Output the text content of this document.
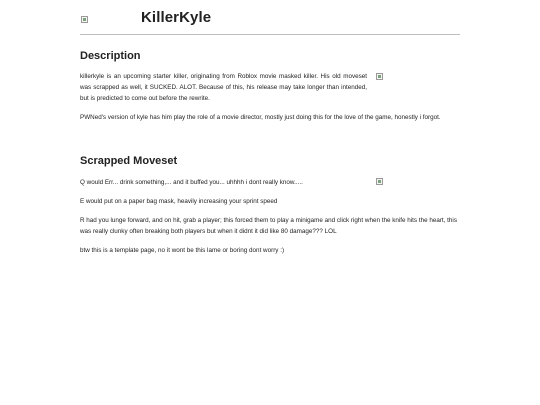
KillerKyle
Description

killerkyle is an upcoming starter killer, originating from Roblox movie masked killer. His old moveset was scrapped as well, it SUCKED. ALOT. Because of this, his release may take longer than intended, but is predicted to come out before the rewrite.

PWNed's version of kyle has him play the role of a movie director, mostly just doing this for the love of the game, honestly i forgot.

Scrapped Moveset

Q would Err... drink something,... and it buffed you... uhhhh i dont really know.....

E would put on a paper bag mask, heavily increasing your sprint speed

R had you lunge forward, and on hit, grab a player; this forced them to play a minigame and click right when the knife hits the heart, this was really clunky often breaking both players but when it didnt it did like 80 damage??? LOL

btw this is a template page, no it wont be this lame or boring dont worry :)
